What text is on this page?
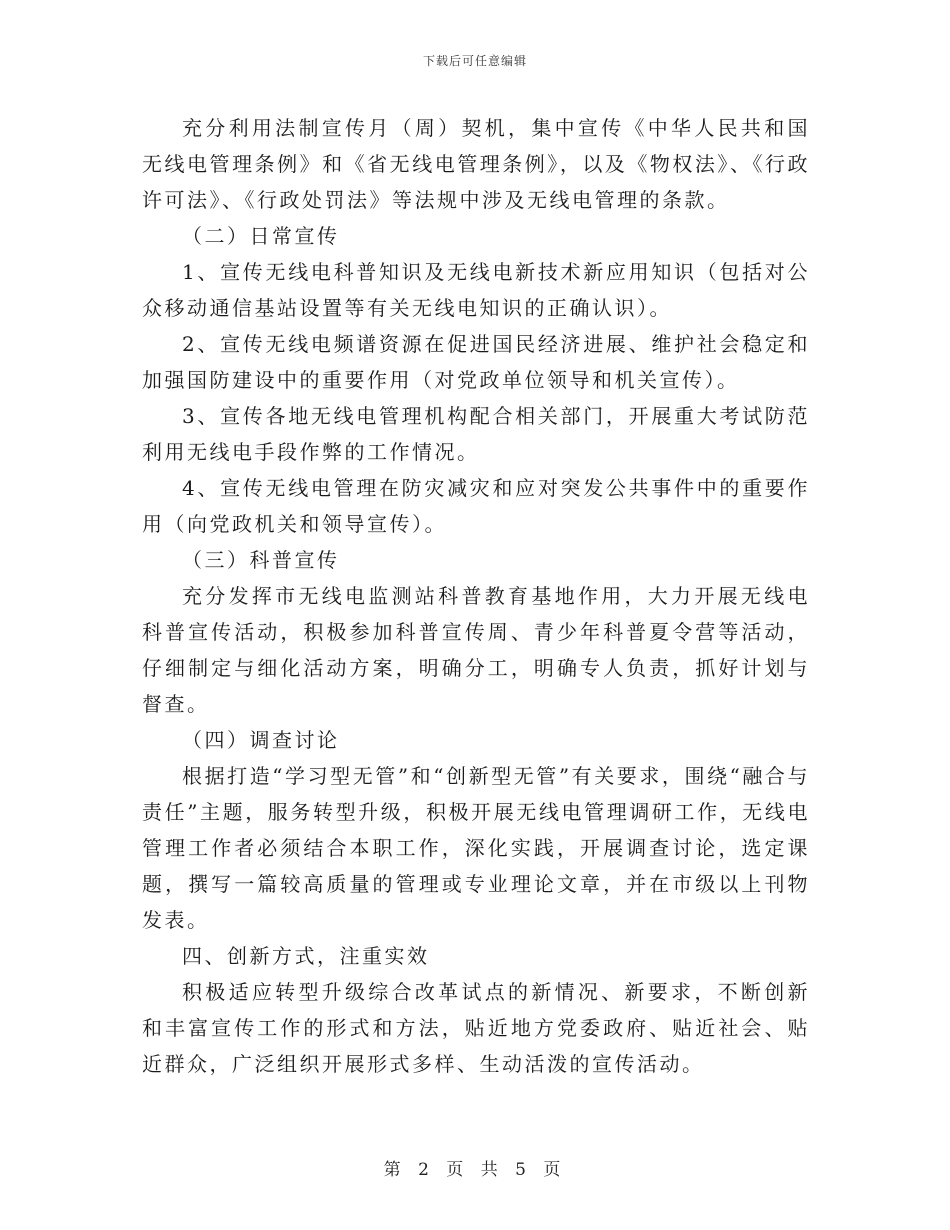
下载后可任意编辑

充分利用法制宣传月（周）契机，集中宣传《中华人民共和国无线电管理条例》和《省无线电管理条例》，以及《物权法》、《行政许可法》、《行政处罚法》等法规中涉及无线电管理的条款。

（二）日常宣传

1、宣传无线电科普知识及无线电新技术新应用知识（包括对公众移动通信基站设置等有关无线电知识的正确认识）。

2、宣传无线电频谱资源在促进国民经济进展、维护社会稳定和加强国防建设中的重要作用（对党政单位领导和机关宣传）。

3、宣传各地无线电管理机构配合相关部门，开展重大考试防范利用无线电手段作弊的工作情况。

4、宣传无线电管理在防灾减灾和应对突发公共事件中的重要作用（向党政机关和领导宣传）。

（三）科普宣传

充分发挥市无线电监测站科普教育基地作用，大力开展无线电科普宣传活动，积极参加科普宣传周、青少年科普夏令营等活动，仔细制定与细化活动方案，明确分工，明确专人负责，抓好计划与督查。

（四）调查讨论

根据打造“学习型无管”和“创新型无管”有关要求，围绕“融合与责任”主题，服务转型升级，积极开展无线电管理调研工作，无线电管理工作者必须结合本职工作，深化实践，开展调查讨论，选定课题，撰写一篇较高质量的管理或专业理论文章，并在市级以上刊物发表。

四、创新方式，注重实效

积极适应转型升级综合改革试点的新情况、新要求，不断创新和丰富宣传工作的形式和方法，贴近地方党委政府、贴近社会、贴近群众，广泛组织开展形式多样、生动活泼的宣传活动。

第 2 页 共 5 页
